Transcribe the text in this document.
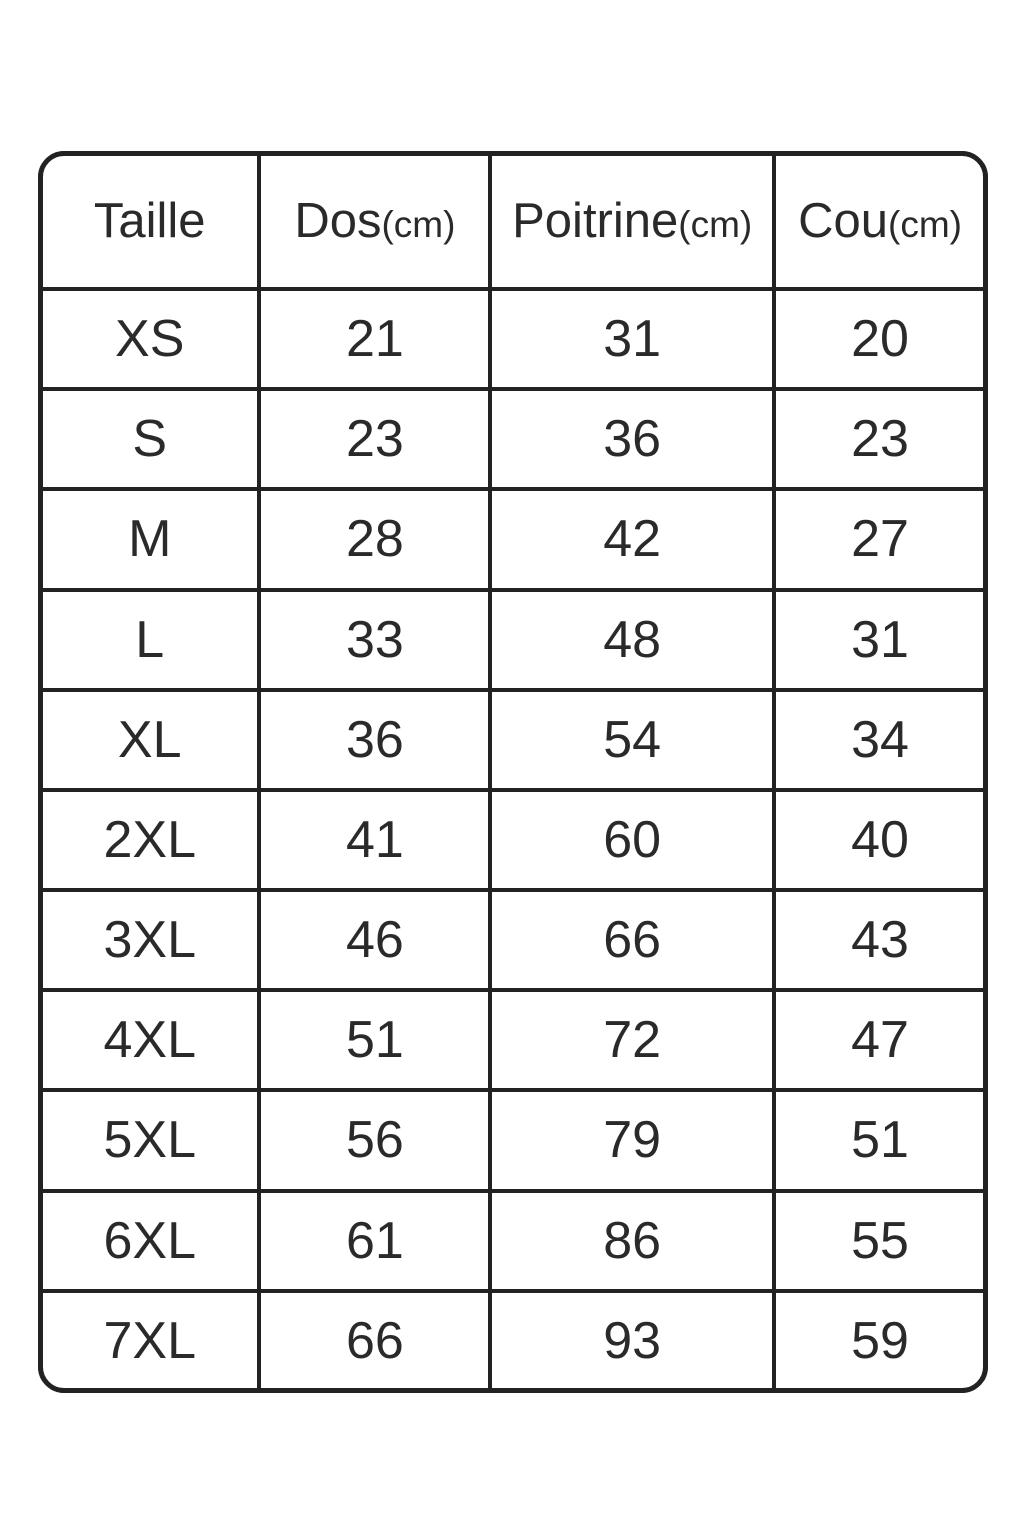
Taille	Dos(cm)	Poitrine(cm)	Cou(cm)
XS	21	31	20
S	23	36	23
M	28	42	27
L	33	48	31
XL	36	54	34
2XL	41	60	40
3XL	46	66	43
4XL	51	72	47
5XL	56	79	51
6XL	61	86	55
7XL	66	93	59
